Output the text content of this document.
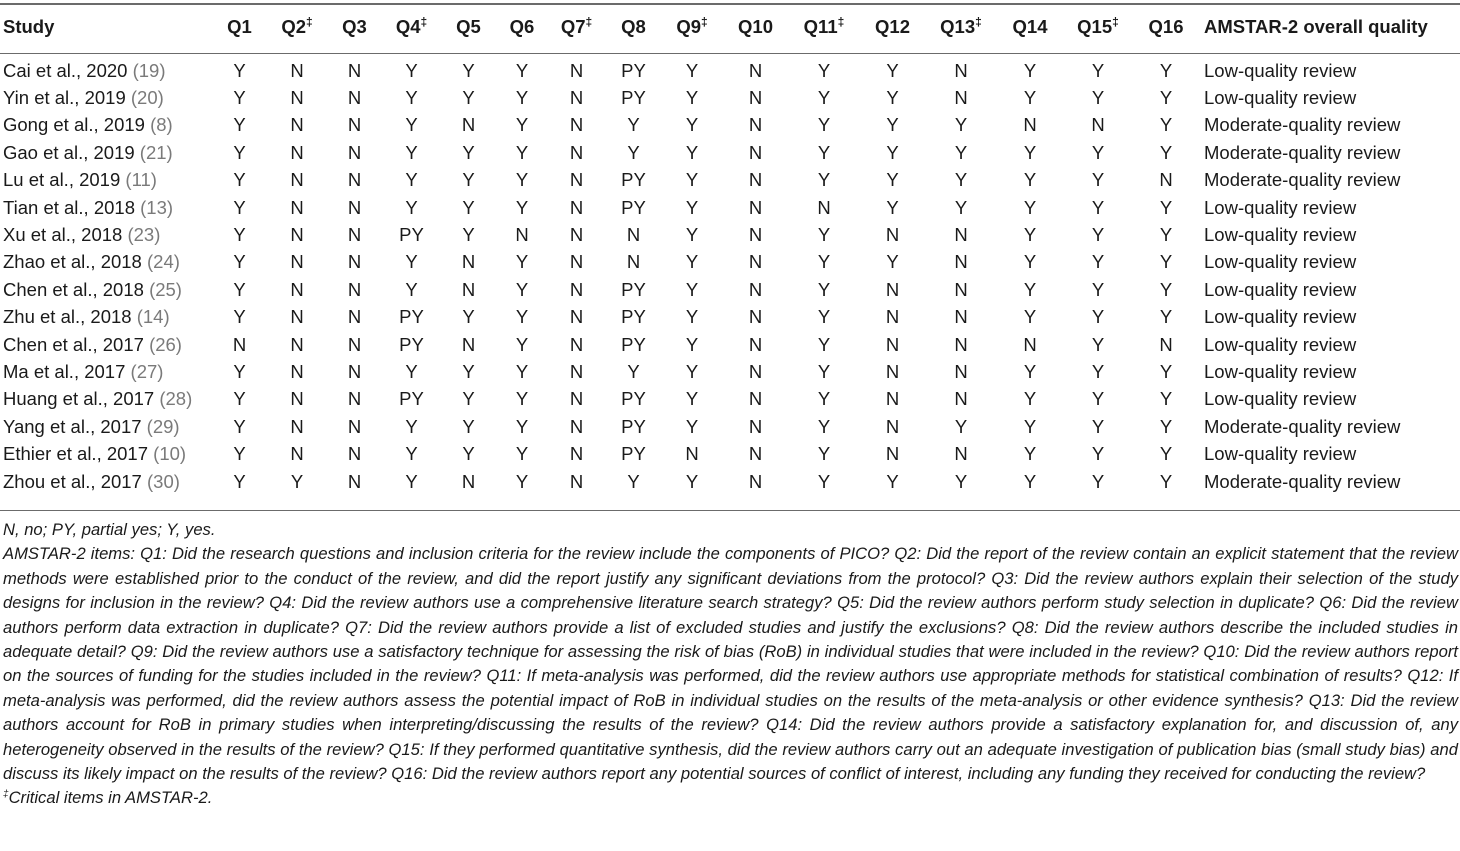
Study	Q1	Q2‡	Q3	Q4‡	Q5	Q6	Q7‡	Q8	Q9‡	Q10	Q11‡	Q12	Q13‡	Q14	Q15‡	Q16	AMSTAR-2 overall quality
Cai et al., 2020 (19)	Y	N	N	Y	Y	Y	N	PY	Y	N	Y	Y	N	Y	Y	Y	Low-quality review
Yin et al., 2019 (20)	Y	N	N	Y	Y	Y	N	PY	Y	N	Y	Y	N	Y	Y	Y	Low-quality review
Gong et al., 2019 (8)	Y	N	N	Y	N	Y	N	Y	Y	N	Y	Y	Y	N	N	Y	Moderate-quality review
Gao et al., 2019 (21)	Y	N	N	Y	Y	Y	N	Y	Y	N	Y	Y	Y	Y	Y	Y	Moderate-quality review
Lu et al., 2019 (11)	Y	N	N	Y	Y	Y	N	PY	Y	N	Y	Y	Y	Y	Y	N	Moderate-quality review
Tian et al., 2018 (13)	Y	N	N	Y	Y	Y	N	PY	Y	N	N	Y	Y	Y	Y	Y	Low-quality review
Xu et al., 2018 (23)	Y	N	N	PY	Y	N	N	N	Y	N	Y	N	N	Y	Y	Y	Low-quality review
Zhao et al., 2018 (24)	Y	N	N	Y	N	Y	N	N	Y	N	Y	Y	N	Y	Y	Y	Low-quality review
Chen et al., 2018 (25)	Y	N	N	Y	N	Y	N	PY	Y	N	Y	N	N	Y	Y	Y	Low-quality review
Zhu et al., 2018 (14)	Y	N	N	PY	Y	Y	N	PY	Y	N	Y	N	N	Y	Y	Y	Low-quality review
Chen et al., 2017 (26)	N	N	N	PY	N	Y	N	PY	Y	N	Y	N	N	N	Y	N	Low-quality review
Ma et al., 2017 (27)	Y	N	N	Y	Y	Y	N	Y	Y	N	Y	N	N	Y	Y	Y	Low-quality review
Huang et al., 2017 (28)	Y	N	N	PY	Y	Y	N	PY	Y	N	Y	N	N	Y	Y	Y	Low-quality review
Yang et al., 2017 (29)	Y	N	N	Y	Y	Y	N	PY	Y	N	Y	N	Y	Y	Y	Y	Moderate-quality review
Ethier et al., 2017 (10)	Y	N	N	Y	Y	Y	N	PY	N	N	Y	N	N	Y	Y	Y	Low-quality review
Zhou et al., 2017 (30)	Y	Y	N	Y	N	Y	N	Y	Y	N	Y	Y	Y	Y	Y	Y	Moderate-quality review

N, no; PY, partial yes; Y, yes.

AMSTAR-2 items: Q1: Did the research questions and inclusion criteria for the review include the components of PICO? Q2: Did the report of the review contain an explicit statement that the review methods were established prior to the conduct of the review, and did the report justify any significant deviations from the protocol? Q3: Did the review authors explain their selection of the study designs for inclusion in the review? Q4: Did the review authors use a comprehensive literature search strategy? Q5: Did the review authors perform study selection in duplicate? Q6: Did the review authors perform data extraction in duplicate? Q7: Did the review authors provide a list of excluded studies and justify the exclusions? Q8: Did the review authors describe the included studies in adequate detail? Q9: Did the review authors use a satisfactory technique for assessing the risk of bias (RoB) in individual studies that were included in the review? Q10: Did the review authors report on the sources of funding for the studies included in the review? Q11: If meta-analysis was performed, did the review authors use appropriate methods for statistical combination of results? Q12: If meta-analysis was performed, did the review authors assess the potential impact of RoB in individual studies on the results of the meta-analysis or other evidence synthesis? Q13: Did the review authors account for RoB in primary studies when interpreting/discussing the results of the review? Q14: Did the review authors provide a satisfactory explanation for, and discussion of, any heterogeneity observed in the results of the review? Q15: If they performed quantitative synthesis, did the review authors carry out an adequate investigation of publication bias (small study bias) and discuss its likely impact on the results of the review? Q16: Did the review authors report any potential sources of conflict of interest, including any funding they received for conducting the review?

‡Critical items in AMSTAR-2.
